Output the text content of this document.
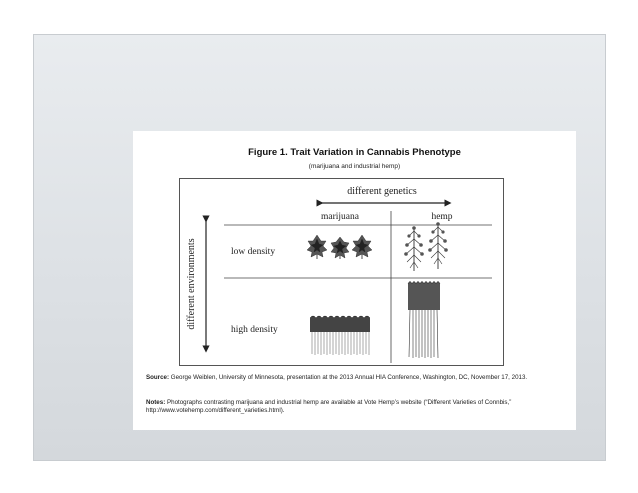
Figure 1. Trait Variation in Cannabis Phenotype
(marijuana and industrial hemp)
different genetics
different environments
marijuana	hemp
low density
high density
Source: George Weiblen, University of Minnesota, presentation at the 2013 Annual HIA Conference, Washington, DC, November 17, 2013.
Notes: Photographs contrasting marijuana and industrial hemp are available at Vote Hemp’s website (“Different Varieties of Connbis,” http://www.votehemp.com/different_varieties.html).
